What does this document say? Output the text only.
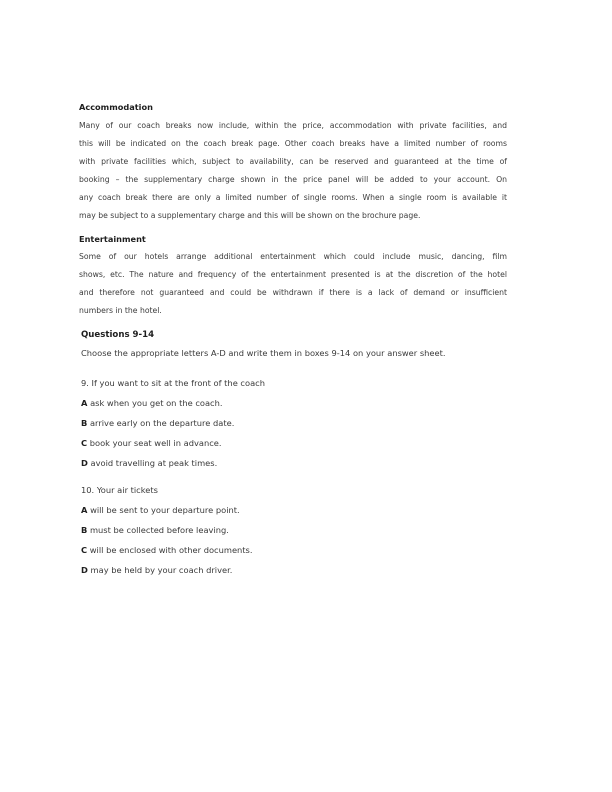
Accommodation

Many of our coach breaks now include, within the price, accommodation with private facilities, and
this will be indicated on the coach break page. Other coach breaks have a limited number of rooms
with private facilities which, subject to availability, can be reserved and guaranteed at the time of
booking – the supplementary charge shown in the price panel will be added to your account. On
any coach break there are only a limited number of single rooms. When a single room is available it
may be subject to a supplementary charge and this will be shown on the brochure page.

Entertainment

Some of our hotels arrange additional entertainment which could include music, dancing, film
shows, etc. The nature and frequency of the entertainment presented is at the discretion of the hotel
and therefore not guaranteed and could be withdrawn if there is a lack of demand or insufficient
numbers in the hotel.

Questions 9-14

Choose the appropriate letters A-D and write them in boxes 9-14 on your answer sheet.

9. If you want to sit at the front of the coach

A ask when you get on the coach.

B arrive early on the departure date.

C book your seat well in advance.

D avoid travelling at peak times.

10. Your air tickets

A will be sent to your departure point.

B must be collected before leaving.

C will be enclosed with other documents.

D may be held by your coach driver.
